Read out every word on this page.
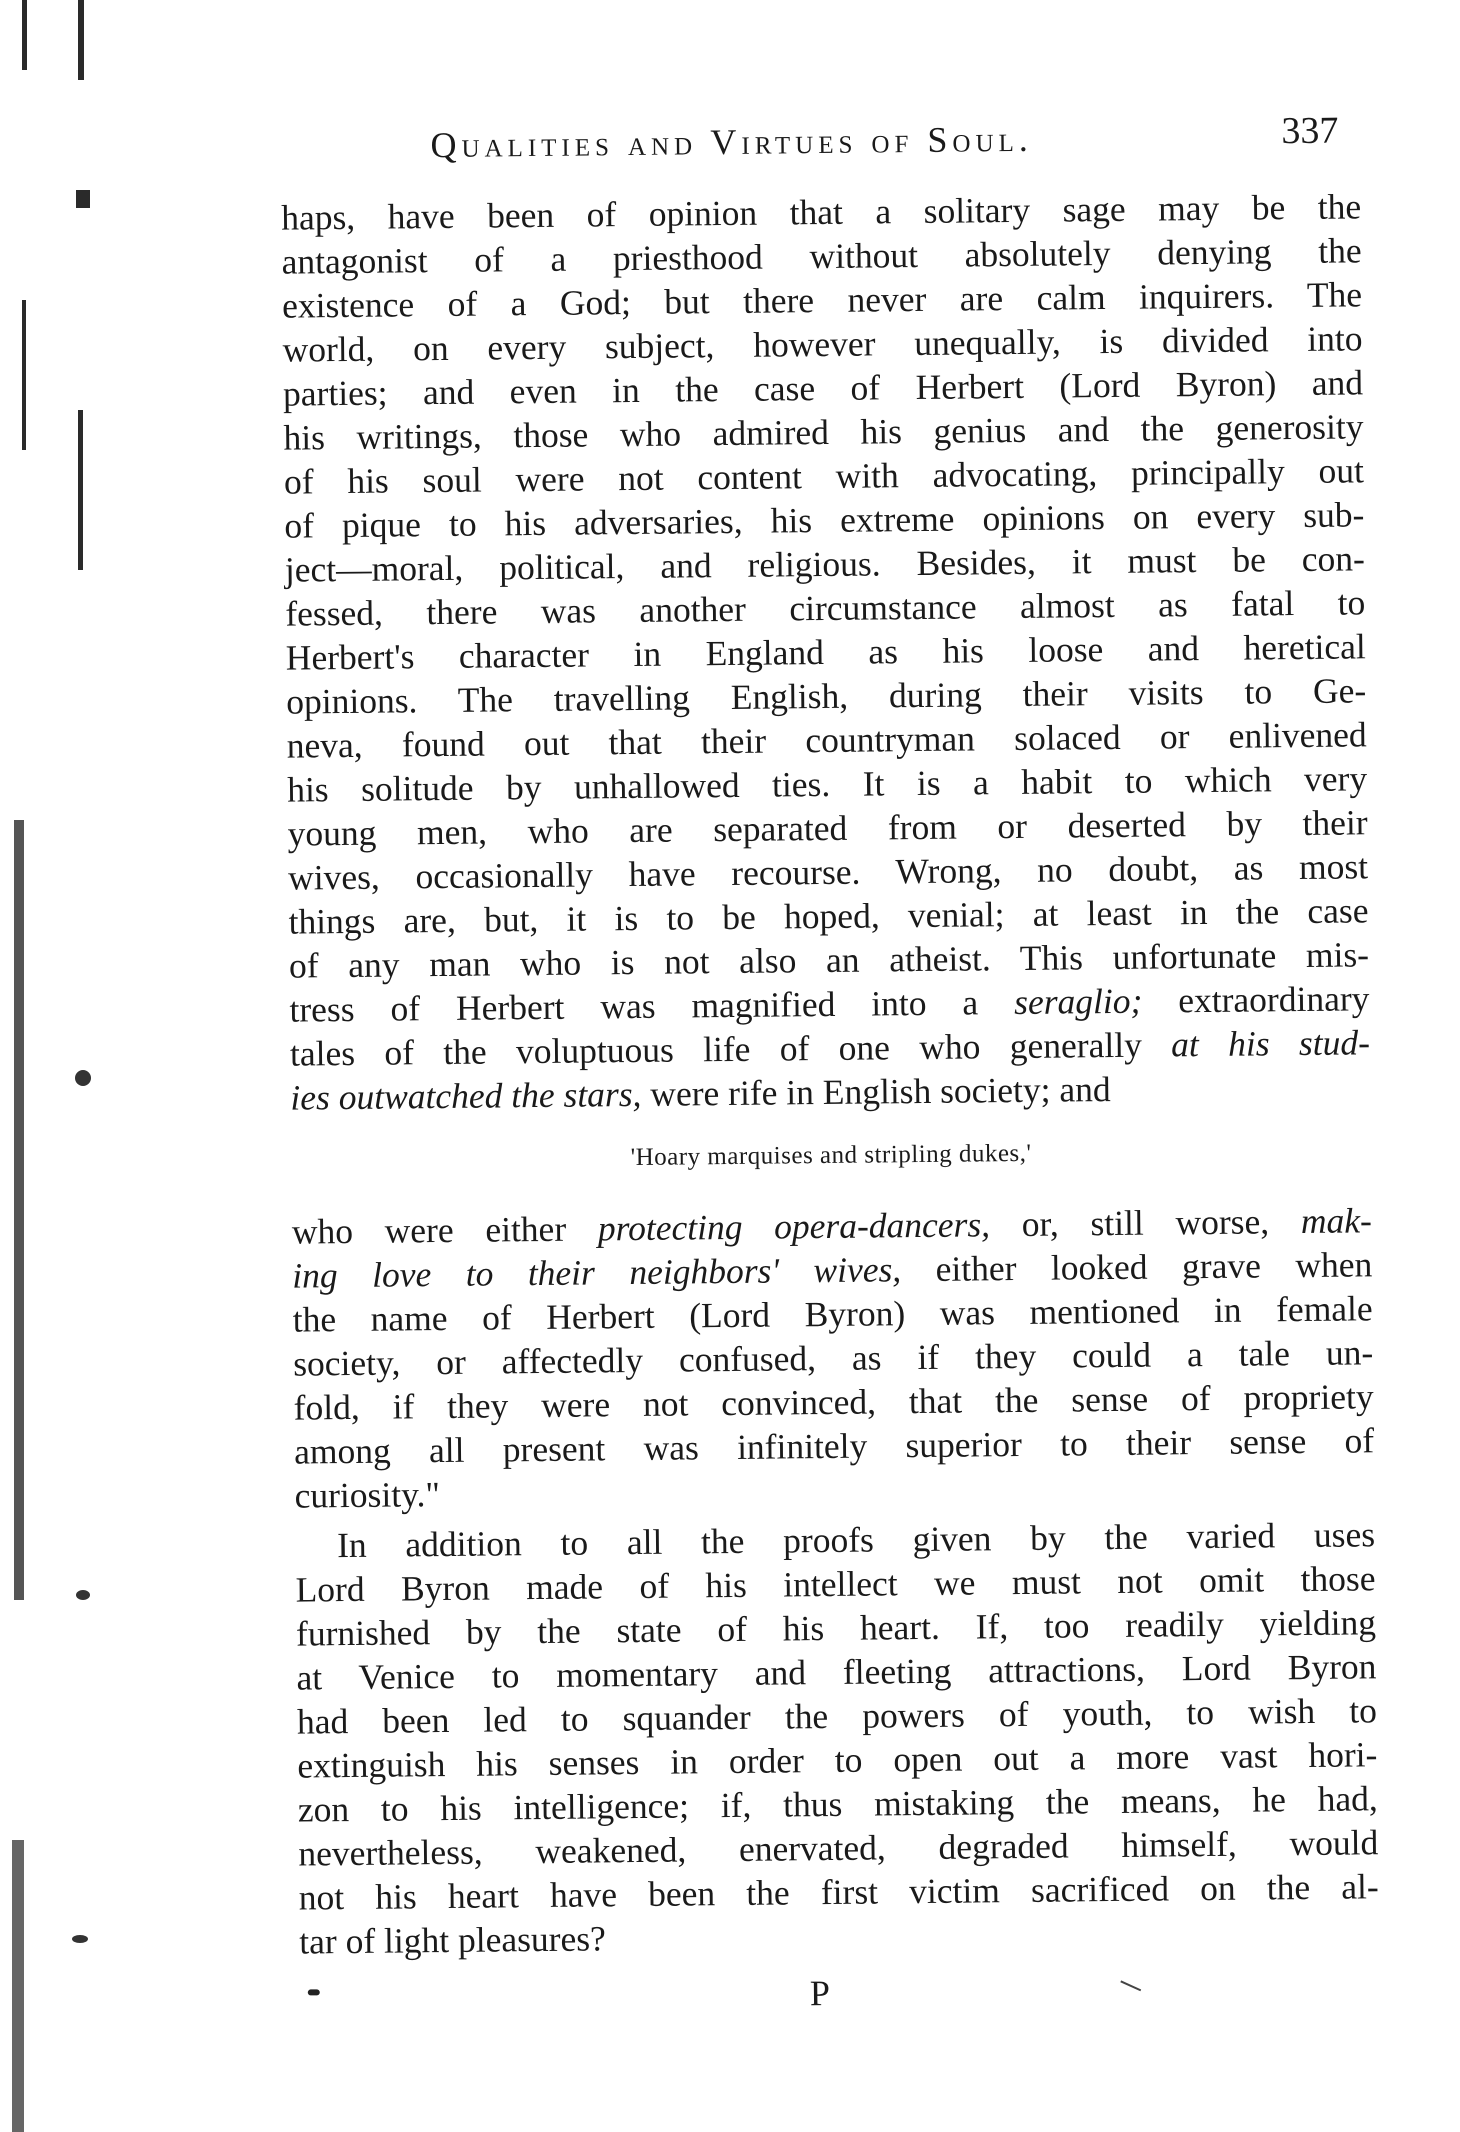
Qualities and Virtues of Soul.	337
haps, have been of opinion that a solitary sage may be the
antagonist of a priesthood without absolutely denying the
existence of a God; but there never are calm inquirers. The
world, on every subject, however unequally, is divided into
parties; and even in the case of Herbert (Lord Byron) and
his writings, those who admired his genius and the generosity
of his soul were not content with advocating, principally out
of pique to his adversaries, his extreme opinions on every sub-
ject—moral, political, and religious. Besides, it must be con-
fessed, there was another circumstance almost as fatal to
Herbert's character in England as his loose and heretical
opinions. The travelling English, during their visits to Ge-
neva, found out that their countryman solaced or enlivened
his solitude by unhallowed ties. It is a habit to which very
young men, who are separated from or deserted by their
wives, occasionally have recourse. Wrong, no doubt, as most
things are, but, it is to be hoped, venial; at least in the case
of any man who is not also an atheist. This unfortunate mis-
tress of Herbert was magnified into a seraglio; extraordinary
tales of the voluptuous life of one who generally at his stud-
ies outwatched the stars, were rife in English society; and
'Hoary marquises and stripling dukes,'
who were either protecting opera-dancers, or, still worse, mak-
ing love to their neighbors' wives, either looked grave when
the name of Herbert (Lord Byron) was mentioned in female
society, or affectedly confused, as if they could a tale un-
fold, if they were not convinced, that the sense of propriety
among all present was infinitely superior to their sense of
curiosity."
In addition to all the proofs given by the varied uses
Lord Byron made of his intellect we must not omit those
furnished by the state of his heart. If, too readily yielding
at Venice to momentary and fleeting attractions, Lord Byron
had been led to squander the powers of youth, to wish to
extinguish his senses in order to open out a more vast hori-
zon to his intelligence; if, thus mistaking the means, he had,
nevertheless, weakened, enervated, degraded himself, would
not his heart have been the first victim sacrificed on the al-
tar of light pleasures?
P
